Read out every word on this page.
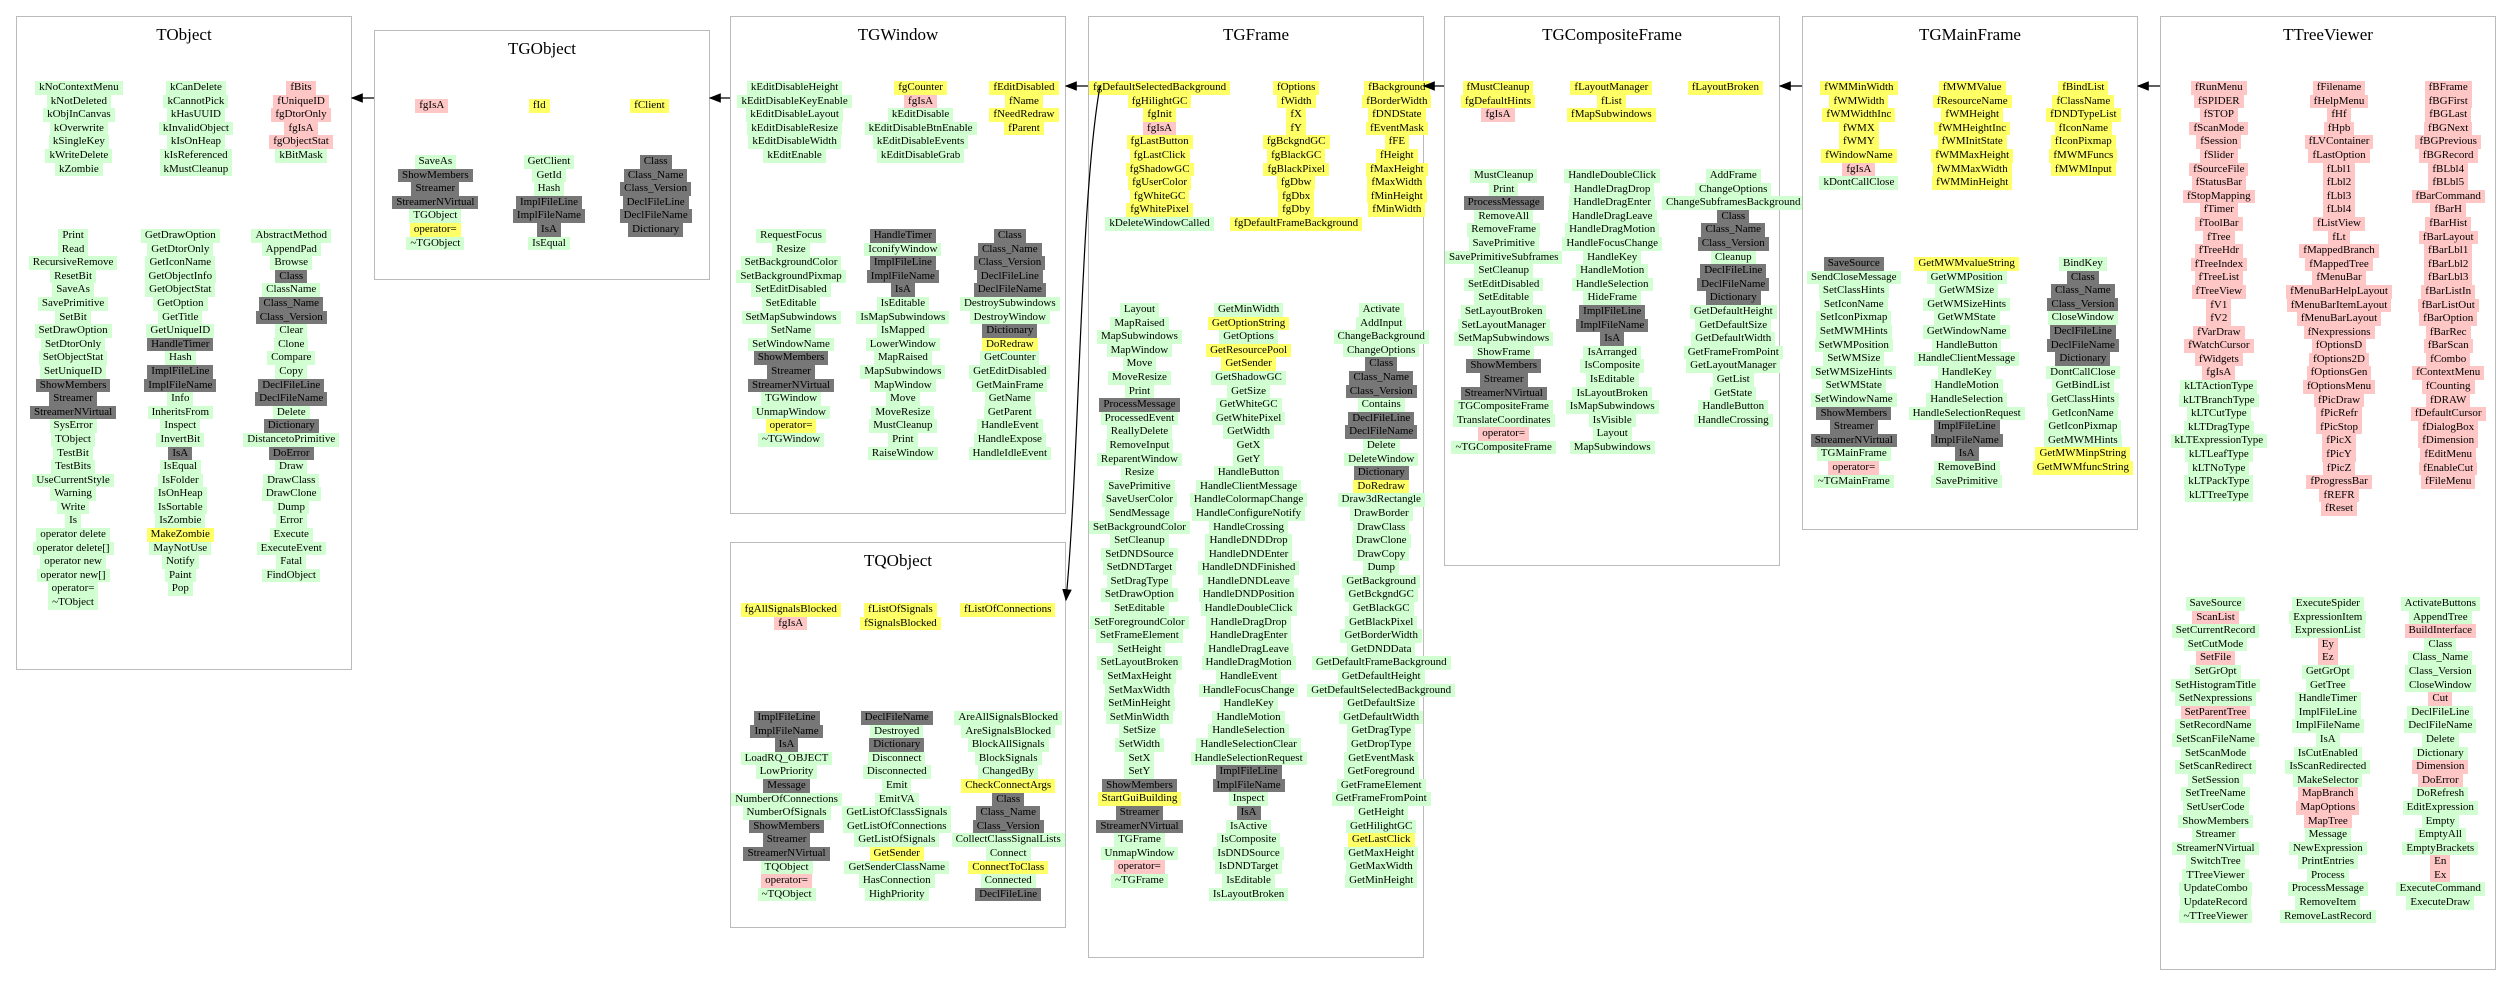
TObject
kNoContextMenu
kNotDeleted
kObjInCanvas
kOverwrite
kSingleKey
kWriteDelete
kZombie
kCanDelete
kCannotPick
kHasUUID
kInvalidObject
kIsOnHeap
kIsReferenced
kMustCleanup
fBits
fUniqueID
fgDtorOnly
fgIsA
fgObjectStat
kBitMask
Print
Read
RecursiveRemove
ResetBit
SaveAs
SavePrimitive
SetBit
SetDrawOption
SetDtorOnly
SetObjectStat
SetUniqueID
ShowMembers
Streamer
StreamerNVirtual
SysError
TObject
TestBit
TestBits
UseCurrentStyle
Warning
Write
Is
operator delete
operator delete[]
operator new
operator new[]
operator=
~TObject
GetDrawOption
GetDtorOnly
GetIconName
GetObjectInfo
GetObjectStat
GetOption
GetTitle
GetUniqueID
HandleTimer
Hash
ImplFileLine
ImplFileName
Info
InheritsFrom
Inspect
InvertBit
IsA
IsEqual
IsFolder
IsOnHeap
IsSortable
IsZombie
MakeZombie
MayNotUse
Notify
Paint
Pop
AbstractMethod
AppendPad
Browse
Class
ClassName
Class_Name
Class_Version
Clear
Clone
Compare
Copy
DeclFileLine
DeclFileName
Delete
Dictionary
DistancetoPrimitive
DoError
Draw
DrawClass
DrawClone
Dump
Error
Execute
ExecuteEvent
Fatal
FindObject
TGObject
fgIsA	fId	fClient
SaveAs
ShowMembers
Streamer
StreamerNVirtual
TGObject
operator=
~TGObject
GetClient
GetId
Hash
ImplFileLine
ImplFileName
IsA
IsEqual
Class
Class_Name
Class_Version
DeclFileLine
DeclFileName
Dictionary
TGWindow
kEditDisableHeight
kEditDisableKeyEnable
kEditDisableLayout
kEditDisableResize
kEditDisableWidth
kEditEnable
fgCounter
fgIsA
kEditDisable
kEditDisableBtnEnable
kEditDisableEvents
kEditDisableGrab
fEditDisabled
fName
fNeedRedraw
fParent
RequestFocus
Resize
SetBackgroundColor
SetBackgroundPixmap
SetEditDisabled
SetEditable
SetMapSubwindows
SetName
SetWindowName
ShowMembers
Streamer
StreamerNVirtual
TGWindow
UnmapWindow
operator=
~TGWindow
HandleTimer
IconifyWindow
ImplFileLine
ImplFileName
IsA
IsEditable
IsMapSubwindows
IsMapped
LowerWindow
MapRaised
MapSubwindows
MapWindow
Move
MoveResize
MustCleanup
Print
RaiseWindow
Class
Class_Name
Class_Version
DeclFileLine
DeclFileName
DestroySubwindows
DestroyWindow
Dictionary
DoRedraw
GetCounter
GetEditDisabled
GetMainFrame
GetName
GetParent
HandleEvent
HandleExpose
HandleIdleEvent
TQObject
fgAllSignalsBlocked
fgIsA
fListOfSignals
fSignalsBlocked
fListOfConnections
ImplFileLine
ImplFileName
IsA
LoadRQ_OBJECT
LowPriority
Message
NumberOfConnections
NumberOfSignals
ShowMembers
Streamer
StreamerNVirtual
TQObject
operator=
~TQObject
DeclFileName
Destroyed
Dictionary
Disconnect
Disconnected
Emit
EmitVA
GetListOfClassSignals
GetListOfConnections
GetListOfSignals
GetSender
GetSenderClassName
HasConnection
HighPriority
AreAllSignalsBlocked
AreSignalsBlocked
BlockAllSignals
BlockSignals
ChangedBy
CheckConnectArgs
Class
Class_Name
Class_Version
CollectClassSignalLists
Connect
ConnectToClass
Connected
DeclFileLine
TGFrame
fgDefaultSelectedBackground
fgHilightGC
fgInit
fgIsA
fgLastButton
fgLastClick
fgShadowGC
fgUserColor
fgWhiteGC
fgWhitePixel
kDeleteWindowCalled
fOptions
fWidth
fX
fY
fgBckgndGC
fgBlackGC
fgBlackPixel
fgDbw
fgDbx
fgDby
fgDefaultFrameBackground
fBackground
fBorderWidth
fDNDState
fEventMask
fFE
fHeight
fMaxHeight
fMaxWidth
fMinHeight
fMinWidth
Layout
MapRaised
MapSubwindows
MapWindow
Move
MoveResize
Print
ProcessMessage
ProcessedEvent
ReallyDelete
RemoveInput
ReparentWindow
Resize
SavePrimitive
SaveUserColor
SendMessage
SetBackgroundColor
SetCleanup
SetDNDSource
SetDNDTarget
SetDragType
SetDrawOption
SetEditable
SetForegroundColor
SetFrameElement
SetHeight
SetLayoutBroken
SetMaxHeight
SetMaxWidth
SetMinHeight
SetMinWidth
SetSize
SetWidth
SetX
SetY
ShowMembers
StartGuiBuilding
Streamer
StreamerNVirtual
TGFrame
UnmapWindow
operator=
~TGFrame
GetMinWidth
GetOptionString
GetOptions
GetResourcePool
GetSender
GetShadowGC
GetSize
GetWhiteGC
GetWhitePixel
GetWidth
GetX
GetY
HandleButton
HandleClientMessage
HandleColormapChange
HandleConfigureNotify
HandleCrossing
HandleDNDDrop
HandleDNDEnter
HandleDNDFinished
HandleDNDLeave
HandleDNDPosition
HandleDoubleClick
HandleDragDrop
HandleDragEnter
HandleDragLeave
HandleDragMotion
HandleEvent
HandleFocusChange
HandleKey
HandleMotion
HandleSelection
HandleSelectionClear
HandleSelectionRequest
ImplFileLine
ImplFileName
Inspect
IsA
IsActive
IsComposite
IsDNDSource
IsDNDTarget
IsEditable
IsLayoutBroken
Activate
AddInput
ChangeBackground
ChangeOptions
Class
Class_Name
Class_Version
Contains
DeclFileLine
DeclFileName
Delete
DeleteWindow
Dictionary
DoRedraw
Draw3dRectangle
DrawBorder
DrawClass
DrawClone
DrawCopy
Dump
GetBackground
GetBckgndGC
GetBlackGC
GetBlackPixel
GetBorderWidth
GetDNDData
GetDefaultFrameBackground
GetDefaultHeight
GetDefaultSelectedBackground
GetDefaultSize
GetDefaultWidth
GetDragType
GetDropType
GetEventMask
GetForeground
GetFrameElement
GetFrameFromPoint
GetHeight
GetHilightGC
GetLastClick
GetMaxHeight
GetMaxWidth
GetMinHeight
TGCompositeFrame
fMustCleanup
fgDefaultHints
fgIsA
fLayoutManager
fList
fMapSubwindows
fLayoutBroken
MustCleanup
Print
ProcessMessage
RemoveAll
RemoveFrame
SavePrimitive
SavePrimitiveSubframes
SetCleanup
SetEditDisabled
SetEditable
SetLayoutBroken
SetLayoutManager
SetMapSubwindows
ShowFrame
ShowMembers
Streamer
StreamerNVirtual
TGCompositeFrame
TranslateCoordinates
operator=
~TGCompositeFrame
HandleDoubleClick
HandleDragDrop
HandleDragEnter
HandleDragLeave
HandleDragMotion
HandleFocusChange
HandleKey
HandleMotion
HandleSelection
HideFrame
ImplFileLine
ImplFileName
IsA
IsArranged
IsComposite
IsEditable
IsLayoutBroken
IsMapSubwindows
IsVisible
Layout
MapSubwindows
AddFrame
ChangeOptions
ChangeSubframesBackground
Class
Class_Name
Class_Version
Cleanup
DeclFileLine
DeclFileName
Dictionary
GetDefaultHeight
GetDefaultSize
GetDefaultWidth
GetFrameFromPoint
GetLayoutManager
GetList
GetState
HandleButton
HandleCrossing
TGMainFrame
fWMMinWidth
fWMWidth
fWMWidthInc
fWMX
fWMY
fWindowName
fgIsA
kDontCallClose
fMWMValue
fResourceName
fWMHeight
fWMHeightInc
fWMInitState
fWMMaxHeight
fWMMaxWidth
fWMMinHeight
fBindList
fClassName
fDNDTypeList
fIconName
fIconPixmap
fMWMFuncs
fMWMInput
SaveSource
SendCloseMessage
SetClassHints
SetIconName
SetIconPixmap
SetMWMHints
SetWMPosition
SetWMSize
SetWMSizeHints
SetWMState
SetWindowName
ShowMembers
Streamer
StreamerNVirtual
TGMainFrame
operator=
~TGMainFrame
GetMWMvalueString
GetWMPosition
GetWMSize
GetWMSizeHints
GetWMState
GetWindowName
HandleButton
HandleClientMessage
HandleKey
HandleMotion
HandleSelection
HandleSelectionRequest
ImplFileLine
ImplFileName
IsA
RemoveBind
SavePrimitive
BindKey
Class
Class_Name
Class_Version
CloseWindow
DeclFileLine
DeclFileName
Dictionary
DontCallClose
GetBindList
GetClassHints
GetIconName
GetIconPixmap
GetMWMHints
GetMWMinpString
GetMWMfuncString
TTreeViewer
fRunMenu
fSPIDER
fSTOP
fScanMode
fSession
fSlider
fSourceFile
fStatusBar
fStopMapping
fTimer
fToolBar
fTree
fTreeHdr
fTreeIndex
fTreeList
fTreeView
fV1
fV2
fVarDraw
fWatchCursor
fWidgets
fgIsA
kLTActionType
kLTBranchType
kLTCutType
kLTDragType
kLTExpressionType
kLTLeafType
kLTNoType
kLTPackType
kLTTreeType
fFilename
fHelpMenu
fHf
fHpb
fLVContainer
fLastOption
fLbl1
fLbl2
fLbl3
fLbl4
fListView
fLt
fMappedBranch
fMappedTree
fMenuBar
fMenuBarHelpLayout
fMenuBarItemLayout
fMenuBarLayout
fNexpressions
fOptionsD
fOptions2D
fOptionsGen
fOptionsMenu
fPicDraw
fPicRefr
fPicStop
fPicX
fPicY
fPicZ
fProgressBar
fREFR
fReset
fBFrame
fBGFirst
fBGLast
fBGNext
fBGPrevious
fBGRecord
fBLbl4
fBLbl5
fBarCommand
fBarH
fBarHist
fBarLayout
fBarLbl1
fBarLbl2
fBarLbl3
fBarListIn
fBarListOut
fBarOption
fBarRec
fBarScan
fCombo
fContextMenu
fCounting
fDRAW
fDefaultCursor
fDialogBox
fDimension
fEditMenu
fEnableCut
fFileMenu
SaveSource
ScanList
SetCurrentRecord
SetCutMode
SetFile
SetGrOpt
SetHistogramTitle
SetNexpressions
SetParentTree
SetRecordName
SetScanFileName
SetScanMode
SetScanRedirect
SetSession
SetTreeName
SetUserCode
ShowMembers
Streamer
StreamerNVirtual
SwitchTree
TTreeViewer
UpdateCombo
UpdateRecord
~TTreeViewer
ExecuteSpider
ExpressionItem
ExpressionList
Ey
Ez
GetGrOpt
GetTree
HandleTimer
ImplFileLine
ImplFileName
IsA
IsCutEnabled
IsScanRedirected
MakeSelector
MapBranch
MapOptions
MapTree
Message
NewExpression
PrintEntries
Process
ProcessMessage
RemoveItem
RemoveLastRecord
ActivateButtons
AppendTree
BuildInterface
Class
Class_Name
Class_Version
CloseWindow
Cut
DeclFileLine
DeclFileName
Delete
Dictionary
Dimension
DoError
DoRefresh
EditExpression
Empty
EmptyAll
EmptyBrackets
En
Ex
ExecuteCommand
ExecuteDraw
